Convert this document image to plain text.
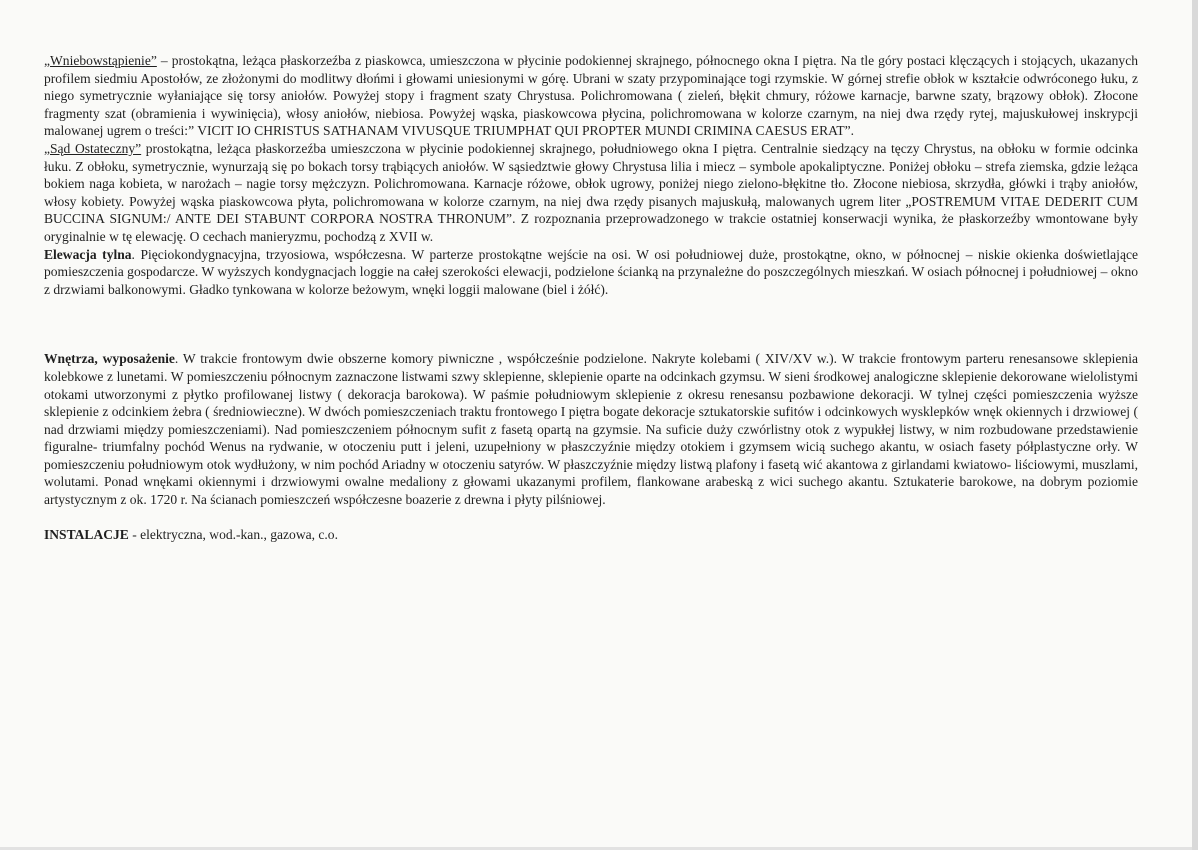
„Wniebowstąpienie” – prostokątna, leżąca płaskorzeźba z piaskowca, umieszczona w płycinie podokiennej skrajnego, północnego okna I piętra. Na tle góry postaci klęczących i stojących, ukazanych profilem siedmiu Apostołów, ze złożonymi do modlitwy dłońmi i głowami uniesionymi w górę. Ubrani w szaty przypominające togi rzymskie. W górnej strefie obłok w kształcie odwróconego łuku, z niego symetrycznie wyłaniające się torsy aniołów. Powyżej stopy i fragment szaty Chrystusa. Polichromowana ( zieleń, błękit chmury, różowe karnacje, barwne szaty, brązowy obłok). Złocone fragmenty szat (obramienia i wywinięcia), włosy aniołów, niebiosa. Powyżej wąska, piaskowcowa płycina, polichromowana w kolorze czarnym, na niej dwa rzędy rytej, majuskułowej inskrypcji malowanej ugrem o treści:” VICIT IO CHRISTUS SATHANAM VIVUSQUE TRIUMPHAT QUI PROPTER MUNDI CRIMINA CAESUS ERAT”.

„Sąd Ostateczny” prostokątna, leżąca płaskorzeźba umieszczona w płycinie podokiennej skrajnego, południowego okna I piętra. Centralnie siedzący na tęczy Chrystus, na obłoku w formie odcinka łuku. Z obłoku, symetrycznie, wynurzają się po bokach torsy trąbiących aniołów. W sąsiedztwie głowy Chrystusa lilia i miecz – symbole apokaliptyczne. Poniżej obłoku – strefa ziemska, gdzie leżąca bokiem naga kobieta, w narożach – nagie torsy mężczyzn. Polichromowana. Karnacje różowe, obłok ugrowy, poniżej niego zielono-błękitne tło. Złocone niebiosa, skrzydła, główki i trąby aniołów, włosy kobiety. Powyżej wąska piaskowcowa płyta, polichromowana w kolorze czarnym, na niej dwa rzędy pisanych majuskułą, malowanych ugrem liter „POSTREMUM VITAE DEDERIT CUM BUCCINA SIGNUM:/ ANTE DEI STABUNT CORPORA NOSTRA THRONUM”. Z rozpoznania przeprowadzonego w trakcie ostatniej konserwacji wynika, że płaskorzeźby wmontowane były oryginalnie w tę elewację. O cechach manieryzmu, pochodzą z XVII w.

Elewacja tylna. Pięciokondygnacyjna, trzyosiowa, współczesna. W parterze prostokątne wejście na osi. W osi południowej duże, prostokątne, okno, w północnej – niskie okienka doświetlające pomieszczenia gospodarcze. W wyższych kondygnacjach loggie na całej szerokości elewacji, podzielone ścianką na przynależne do poszczególnych mieszkań. W osiach północnej i południowej – okno z drzwiami balkonowymi. Gładko tynkowana w kolorze beżowym, wnęki loggii malowane (biel i żółć).

Wnętrza, wyposażenie. W trakcie frontowym dwie obszerne komory piwniczne , współcześnie podzielone. Nakryte kolebami ( XIV/XV w.). W trakcie frontowym parteru renesansowe sklepienia kolebkowe z lunetami. W pomieszczeniu północnym zaznaczone listwami szwy sklepienne, sklepienie oparte na odcinkach gzymsu. W sieni środkowej analogiczne sklepienie dekorowane wielolistymi otokami utworzonymi z płytko profilowanej listwy ( dekoracja barokowa). W paśmie południowym sklepienie z okresu renesansu pozbawione dekoracji. W tylnej części pomieszczenia wyższe sklepienie z odcinkiem żebra ( średniowieczne). W dwóch pomieszczeniach traktu frontowego I piętra bogate dekoracje sztukatorskie sufitów i odcinkowych wysklepków wnęk okiennych i drzwiowej ( nad drzwiami między pomieszczeniami). Nad pomieszczeniem północnym sufit z fasetą opartą na gzymsie. Na suficie duży czwórlistny otok z wypukłej listwy, w nim rozbudowane przedstawienie figuralne- triumfalny pochód Wenus na rydwanie, w otoczeniu putt i jeleni, uzupełniony w płaszczyźnie między otokiem i gzymsem wicią suchego akantu, w osiach fasety półplastyczne orły. W pomieszczeniu południowym otok wydłużony, w nim pochód Ariadny w otoczeniu satyrów. W płaszczyźnie między listwą plafony i fasetą wić akantowa z girlandami kwiatowo- liściowymi, muszlami, wolutami. Ponad wnękami okiennymi i drzwiowymi owalne medaliony z głowami ukazanymi profilem, flankowane arabeską z wici suchego akantu. Sztukaterie barokowe, na dobrym poziomie artystycznym z ok. 1720 r. Na ścianach pomieszczeń współczesne boazerie z drewna i płyty pilśniowej.

INSTALACJE - elektryczna, wod.-kan., gazowa, c.o.
